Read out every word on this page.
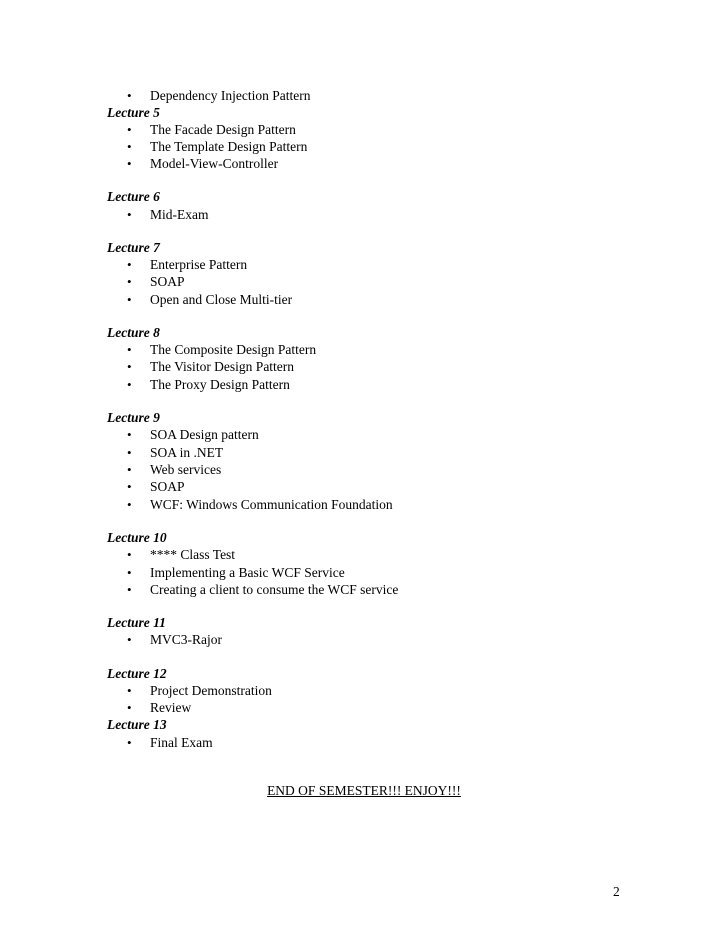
• Dependency Injection Pattern
Lecture 5
• The Facade Design Pattern
• The Template Design Pattern
• Model-View-Controller
Lecture 6
• Mid-Exam
Lecture 7
• Enterprise Pattern
• SOAP
• Open and Close Multi-tier
Lecture 8
• The Composite Design Pattern
• The Visitor Design Pattern
• The Proxy Design Pattern
Lecture 9
• SOA Design pattern
• SOA in .NET
• Web services
• SOAP
• WCF: Windows Communication Foundation
Lecture 10
• **** Class Test
• Implementing a Basic WCF Service
• Creating a client to consume the WCF service
Lecture 11
• MVC3-Rajor
Lecture 12
• Project Demonstration
• Review
Lecture 13
• Final Exam
END OF SEMESTER!!! ENJOY!!!
2
